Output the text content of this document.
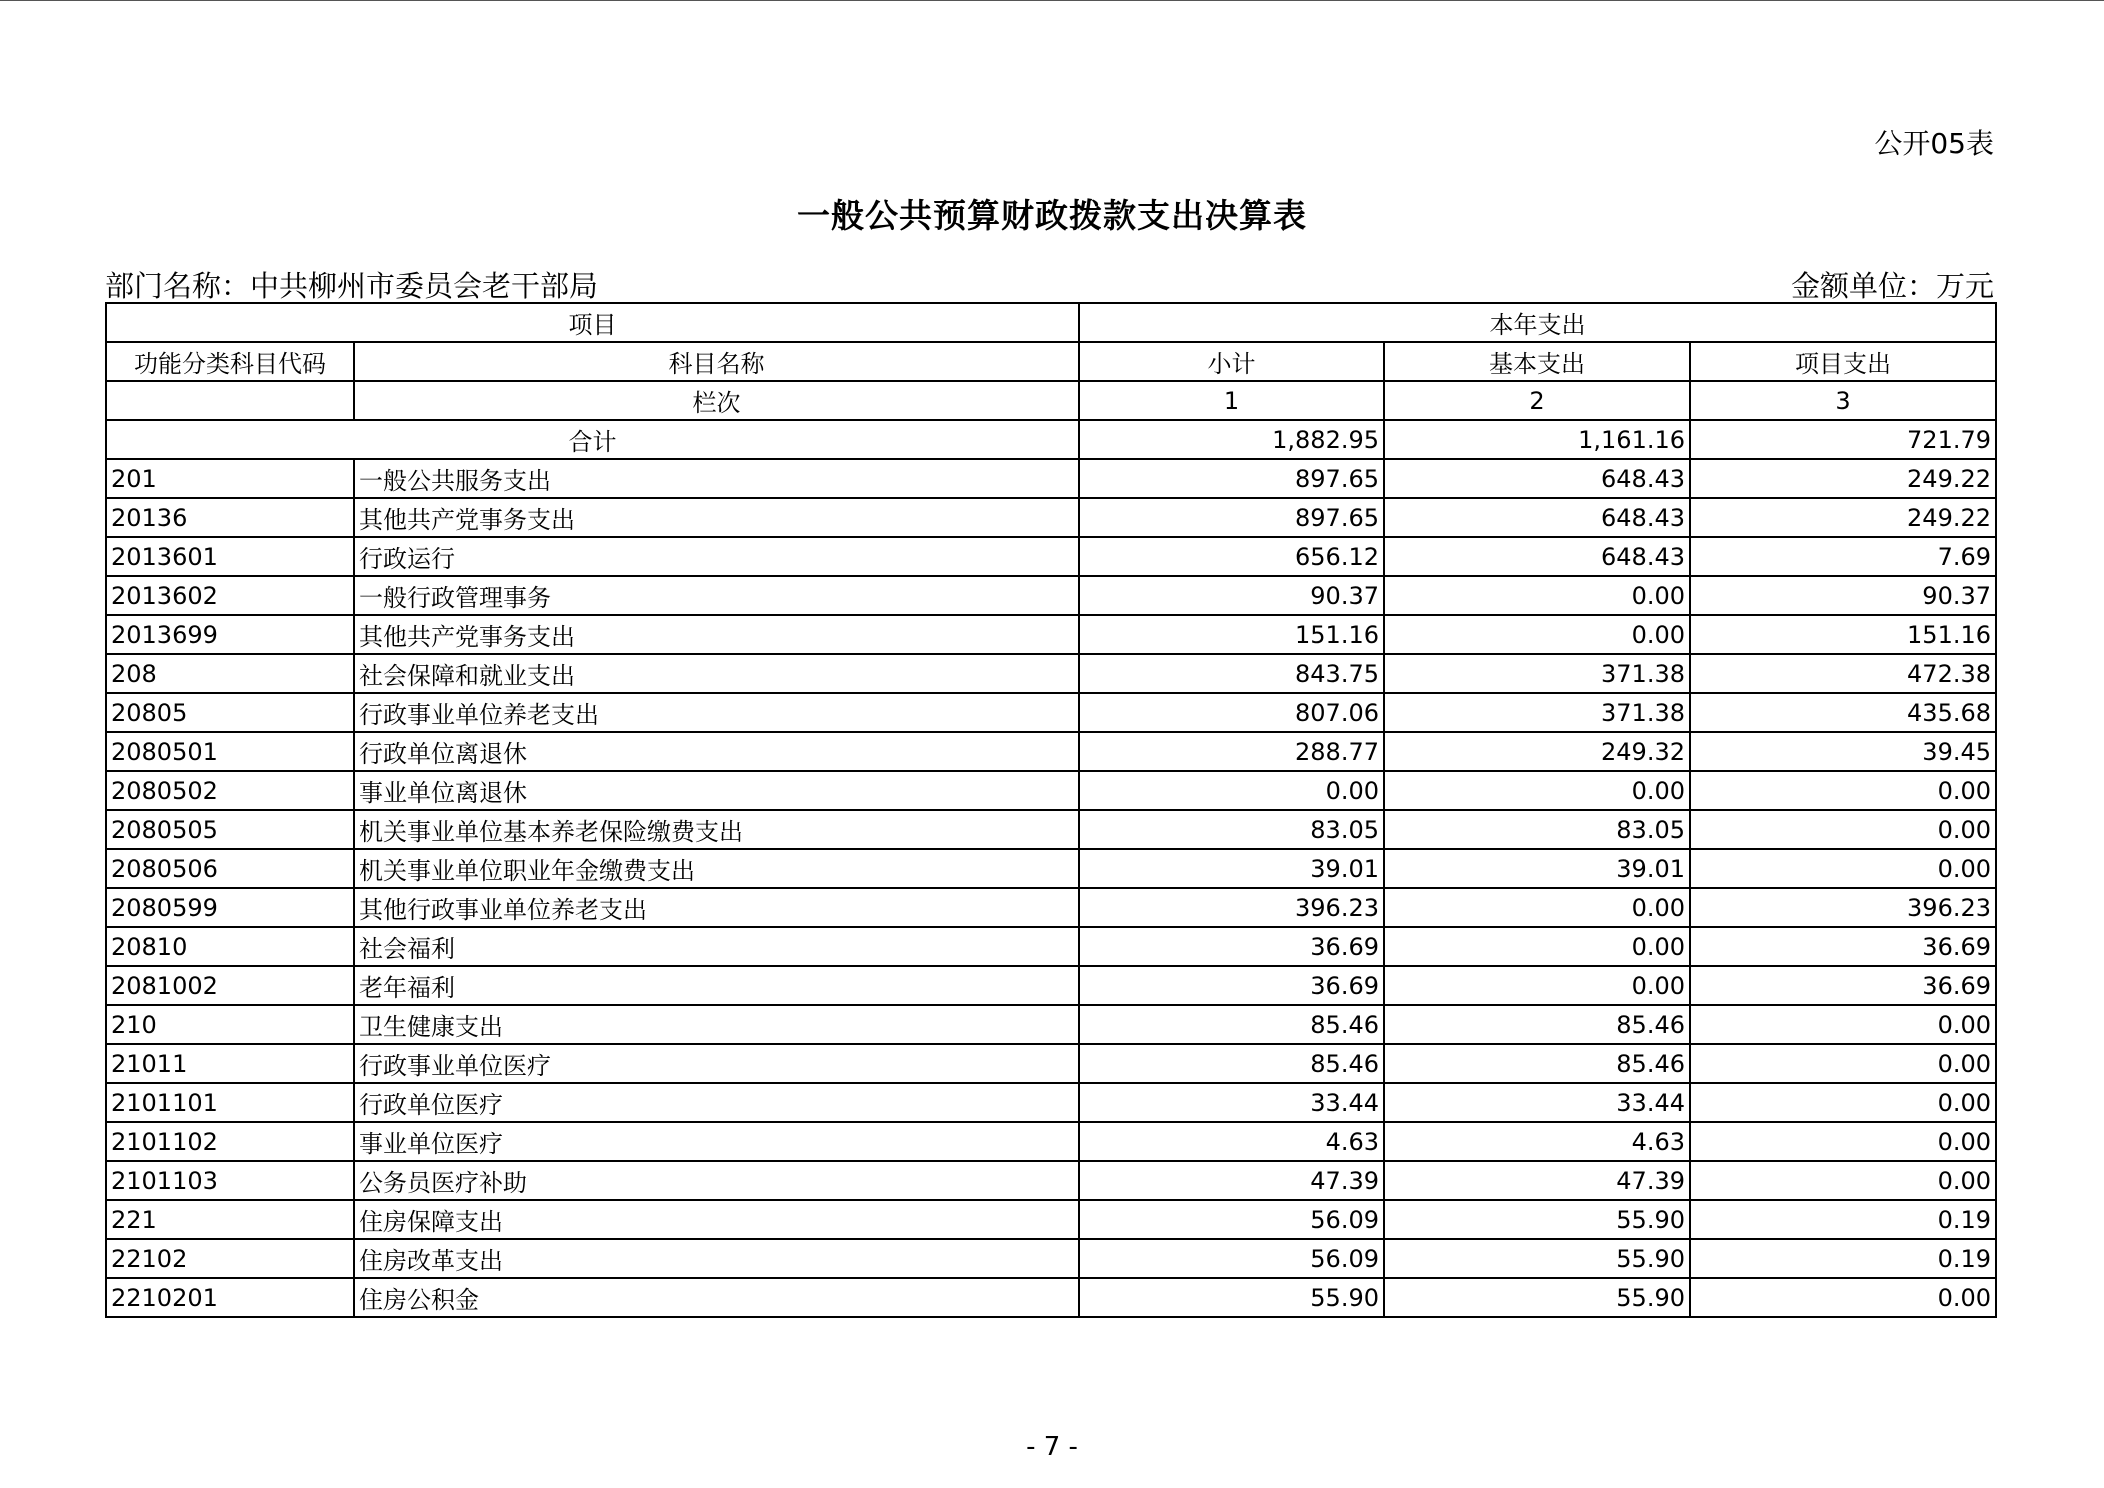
公开05表
一般公共预算财政拨款支出决算表
部门名称：中共柳州市委员会老干部局	金额单位：万元
项目		本年支出		
功能分类科目代码	科目名称	小计	基本支出	项目支出
	栏次	1	2	3
合计		1,882.95	1,161.16	721.79
201	一般公共服务支出	897.65	648.43	249.22
20136	其他共产党事务支出	897.65	648.43	249.22
2013601	行政运行	656.12	648.43	7.69
2013602	一般行政管理事务	90.37	0.00	90.37
2013699	其他共产党事务支出	151.16	0.00	151.16
208	社会保障和就业支出	843.75	371.38	472.38
20805	行政事业单位养老支出	807.06	371.38	435.68
2080501	行政单位离退休	288.77	249.32	39.45
2080502	事业单位离退休	0.00	0.00	0.00
2080505	机关事业单位基本养老保险缴费支出	83.05	83.05	0.00
2080506	机关事业单位职业年金缴费支出	39.01	39.01	0.00
2080599	其他行政事业单位养老支出	396.23	0.00	396.23
20810	社会福利	36.69	0.00	36.69
2081002	老年福利	36.69	0.00	36.69
210	卫生健康支出	85.46	85.46	0.00
21011	行政事业单位医疗	85.46	85.46	0.00
2101101	行政单位医疗	33.44	33.44	0.00
2101102	事业单位医疗	4.63	4.63	0.00
2101103	公务员医疗补助	47.39	47.39	0.00
221	住房保障支出	56.09	55.90	0.19
22102	住房改革支出	56.09	55.90	0.19
2210201	住房公积金	55.90	55.90	0.00
- 7 -
